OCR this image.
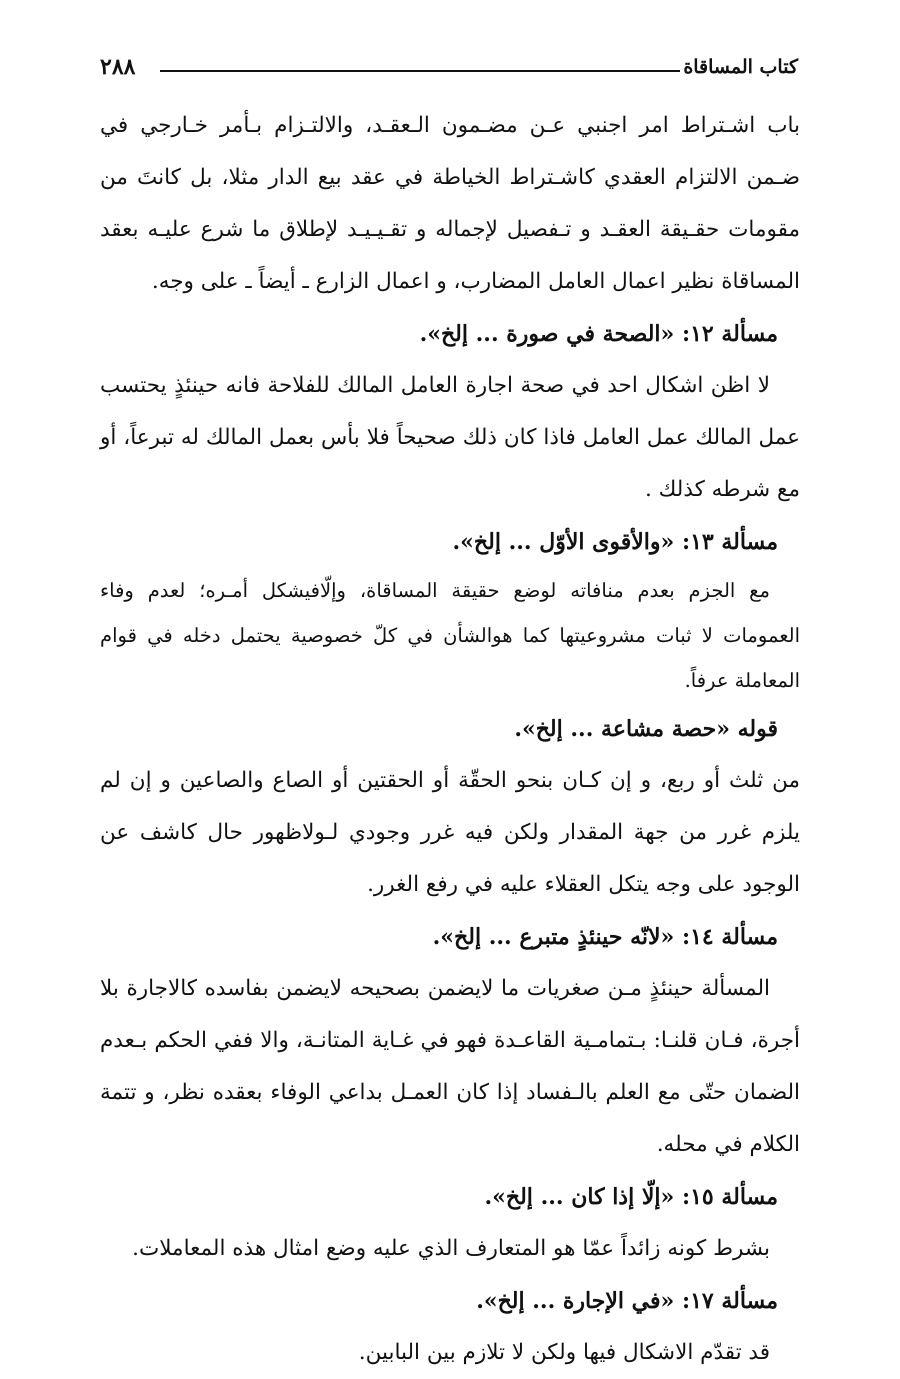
٢٨٨	كتاب المساقاة

باب اشـتراط امر اجنبي عـن مضـمون الـعقـد، والالتـزام بـأمر خـارجي في ضـمن الالتزام العقدي كاشـتراط الخياطة في عقد بيع الدار مثلا، بل كانتَ من مقومات حقـيقة العقـد و تـفصيل لإجماله و تقـيـيـد لإطلاق ما شرع عليـه بعقد المساقاة نظير اعمال العامل المضارب، و اعمال الزارع ـ أيضاً ـ على وجه.

مسألة ١٢: «الصحة في صورة ... إلخ».

لا اظن اشكال احد في صحة اجارة العامل المالك للفلاحة فانه حينئذٍ يحتسب عمل المالك عمل العامل فاذا كان ذلك صحيحاً فلا بأس بعمل المالك له تبرعاً، أو مع شرطه كذلك .

مسألة ١٣: «والأقوى الأوّل ... إلخ».

مع الجزم بعدم منافاته لوضع حقيقة المساقاة، وإلّافيشكل أمـره؛ لعدم وفاء العمومات لا ثبات مشروعيتها كما هوالشأن في كلّ خصوصية يحتمل دخله في قوام المعاملة عرفاً.

قوله «حصة مشاعة ... إلخ».

من ثلث أو ربع، و إن كـان بنحو الحقّة أو الحقتين أو الصاع والصاعين و إن لم يلزم غرر من جهة المقدار ولكن فيه غرر وجودي لـولاظهور حال كاشف عن الوجود على وجه يتكل العقلاء عليه في رفع الغرر.

مسألة ١٤: «لانّه حينئذٍ متبرع ... إلخ».

المسألة حينئذٍ مـن صغريات ما لايضمن بصحيحه لايضمن بفاسده كالاجارة بلا أجرة، فـان قلنـا: بـتمامـية القاعـدة فهو في غـاية المتانـة، والا ففي الحكم بـعدم الضمان حتّى مع العلم بالـفساد إذا كان العمـل بداعي الوفاء بعقده نظر، و تتمة الكلام في محله.

مسألة ١٥: «إلّا إذا كان ... إلخ».

بشرط كونه زائداً عمّا هو المتعارف الذي عليه وضع امثال هذه المعاملات.

مسألة ١٧: «في الإجارة ... إلخ».

قد تقدّم الاشكال فيها ولكن لا تلازم بين البابين.
